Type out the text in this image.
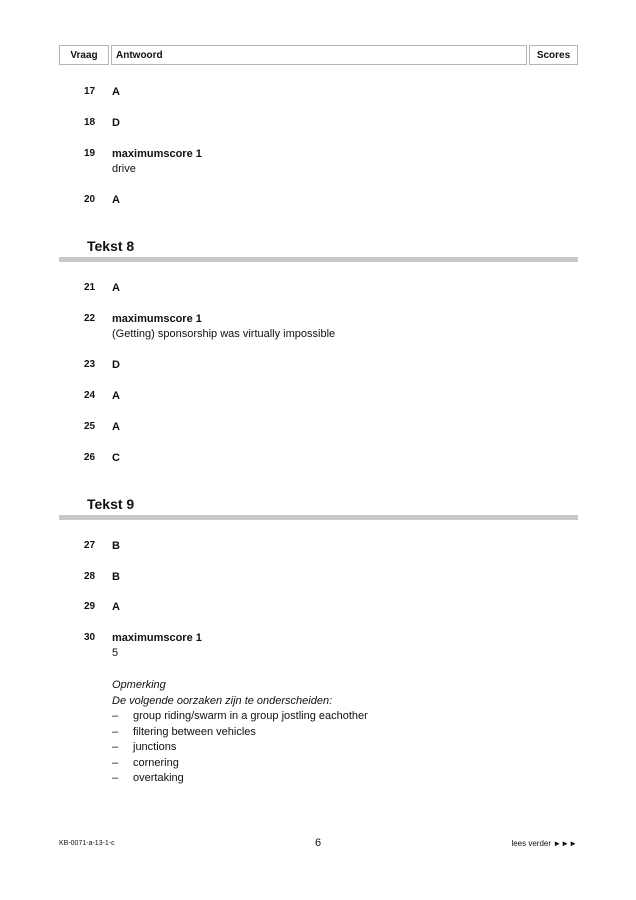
Vraag	Antwoord	Scores
17 A
18 D
19 maximumscore 1
drive
20 A
Tekst 8
21 A
22 maximumscore 1
(Getting) sponsorship was virtually impossible
23 D
24 A
25 A
26 C
Tekst 9
27 B
28 B
29 A
30 maximumscore 1
5
Opmerking
De volgende oorzaken zijn te onderscheiden:
– group riding/swarm in a group jostling eachother
– filtering between vehicles
– junctions
– cornering
– overtaking
KB-0071-a-13-1-c	6	lees verder ►►►
